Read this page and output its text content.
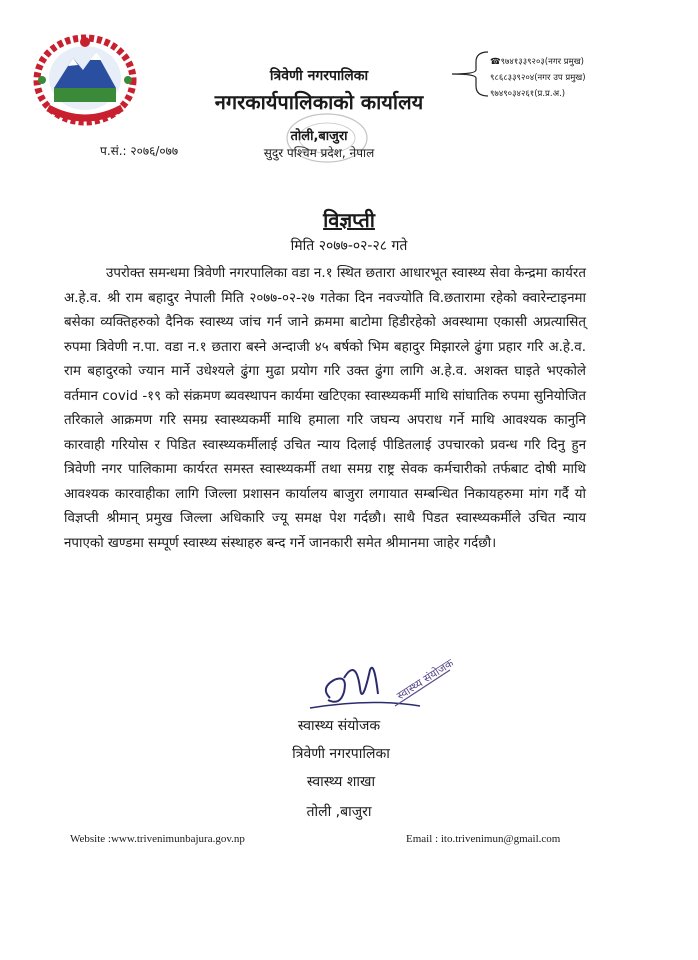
त्रिवेणी नगरपालिका
नगरकार्यपालिकाको कार्यालय
तोली,बाजुरा
सुदुर पश्चिम प्रदेश, नेपाल
प.सं.: २०७६/०७७
☎९७४१३३९२०३(नगर प्रमुख)
९८६८३३९२०४(नगर उप प्रमुख)
९७४९०३४२६१(प्र.प्र.अ.)
विज्ञप्ती
मिति २०७७-०२-२८ गते

उपरोक्त समन्धमा त्रिवेणी नगरपालिका वडा न.१ स्थित छतारा आधारभूत स्वास्थ्य सेवा केन्द्रमा कार्यरत अ.हे.व. श्री राम बहादुर नेपाली मिति २०७७-०२-२७ गतेका दिन नवज्योति वि.छतारामा रहेको क्वारेन्टाइनमा बसेका व्यक्तिहरुको दैनिक स्वास्थ्य जांच गर्न जाने क्रममा बाटोमा हिडीरहेको अवस्थामा एकासी अप्रत्यासित् रुपमा त्रिवेणी न.पा. वडा न.१ छतारा बस्ने अन्दाजी ४५ बर्षको भिम बहादुर मिझारले ढुंगा प्रहार गरि अ.हे.व. राम बहादुरको ज्यान मार्ने उधेश्यले ढुंगा मुढा प्रयोग गरि उक्त ढुंगा लागि अ.हे.व. अशक्त घाइते भएकोले वर्तमान covid -१९ को संक्रमण ब्यवस्थापन कार्यमा खटिएका स्वास्थ्यकर्मी माथि सांघातिक रुपमा सुनियोजित तरिकाले आक्रमण गरि समग्र स्वास्थ्यकर्मी माथि हमाला गरि जघन्य अपराध गर्ने माथि आवश्यक कानुनि कारवाही गरियोस र पिडित स्वास्थ्यकर्मीलाई उचित न्याय दिलाई पीडितलाई उपचारको प्रवन्ध गरि दिनु हुन त्रिवेणी नगर पालिकामा कार्यरत समस्त स्वास्थ्यकर्मी तथा समग्र राष्ट्र सेवक कर्मचारीको तर्फबाट दोषी माथि आवश्यक कारवाहीका लागि जिल्ला प्रशासन कार्यालय बाजुरा लगायात सम्बन्धित निकायहरुमा मांग गर्दै यो विज्ञप्ती श्रीमान् प्रमुख जिल्ला अधिकारि ज्यू समक्ष पेश गर्दछौ। साथै पिडत स्वास्थ्यकर्मीले उचित न्याय नपाएको खण्डमा सम्पूर्ण स्वास्थ्य संस्थाहरु बन्द गर्ने जानकारी समेत श्रीमानमा जाहेर गर्दछौ।

स्वास्थ्य संयोजक
स्वास्थ्य संयोजक
त्रिवेणी नगरपालिका
स्वास्थ्य शाखा
तोली ,बाजुरा
Website :www.trivenimunbajura.gov.np	Email : ito.trivenimun@gmail.com
